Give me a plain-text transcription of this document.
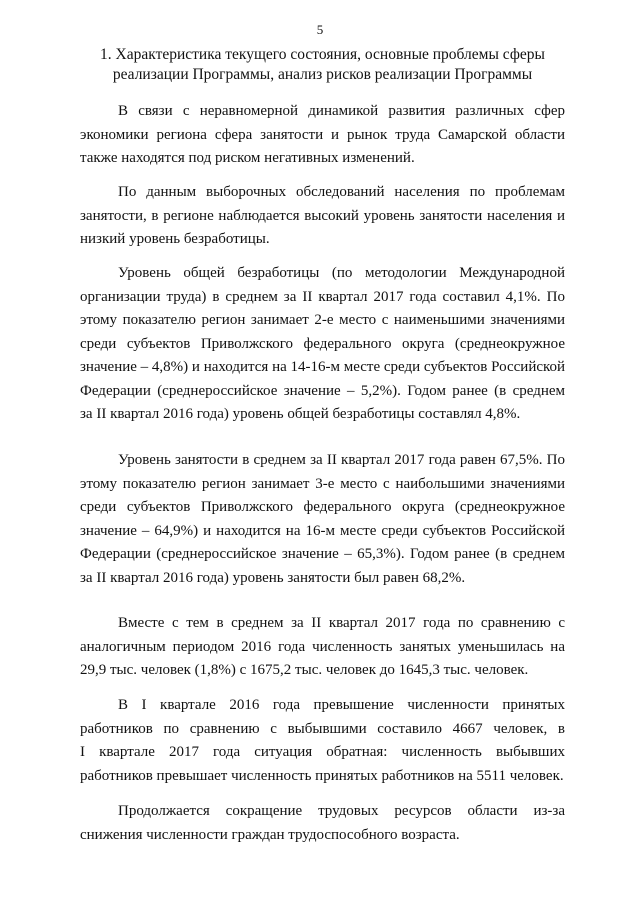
5
1. Характеристика текущего состояния, основные проблемы сферы
реализации Программы, анализ рисков реализации Программы
В связи с неравномерной динамикой развития различных сфер
экономики региона сфера занятости и рынок труда Самарской области
также находятся под риском негативных изменений.
По данным выборочных обследований населения по проблемам
занятости, в регионе наблюдается высокий уровень занятости населения и
низкий уровень безработицы.
Уровень общей безработицы (по методологии Международной
организации труда) в среднем за II квартал 2017 года составил 4,1%. По
этому показателю регион занимает 2-е место с наименьшими значениями
среди субъектов Приволжского федерального округа (среднеокружное
значение – 4,8%) и находится на 14-16-м месте среди субъектов Российской
Федерации (среднероссийское значение – 5,2%). Годом ранее (в среднем
за II квартал 2016 года) уровень общей безработицы составлял 4,8%.
Уровень занятости в среднем за II квартал 2017 года равен 67,5%. По
этому показателю регион занимает 3-е место с наибольшими значениями
среди субъектов Приволжского федерального округа (среднеокружное
значение – 64,9%) и находится на 16-м месте среди субъектов Российской
Федерации (среднероссийское значение – 65,3%). Годом ранее (в среднем
за II квартал 2016 года) уровень занятости был равен 68,2%.
Вместе с тем в среднем за II квартал 2017 года по сравнению с
аналогичным периодом 2016 года численность занятых уменьшилась на
29,9 тыс. человек (1,8%) с 1675,2 тыс. человек до 1645,3 тыс. человек.
В I квартале 2016 года превышение численности принятых
работников по сравнению с выбывшими составило 4667 человек, в
I квартале 2017 года ситуация обратная: численность выбывших
работников превышает численность принятых работников на 5511 человек.
Продолжается сокращение трудовых ресурсов области из-за
снижения численности граждан трудоспособного возраста.
